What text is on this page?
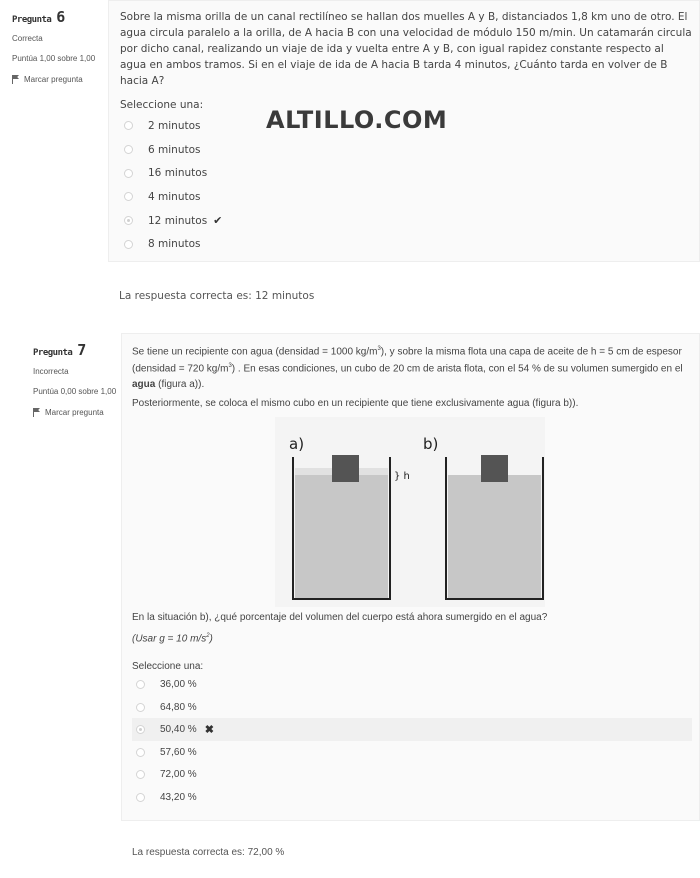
Pregunta 6
Correcta
Puntúa 1,00 sobre 1,00
Marcar pregunta
Sobre la misma orilla de un canal rectilíneo se hallan dos muelles A y B, distanciados 1,8 km uno de otro. El agua circula paralelo a la orilla, de A hacia B con una velocidad de módulo 150 m/min. Un catamarán circula por dicho canal, realizando un viaje de ida y vuelta entre A y B, con igual rapidez constante respecto al agua en ambos tramos. Si en el viaje de ida de A hacia B tarda 4 minutos, ¿Cuánto tarda en volver de B hacia A?
Seleccione una:
2 minutos
6 minutos
16 minutos
4 minutos
12 minutos ✔
8 minutos
ALTILLO.COM
La respuesta correcta es: 12 minutos
Pregunta 7
Incorrecta
Puntúa 0,00 sobre 1,00
Marcar pregunta
Se tiene un recipiente con agua (densidad = 1000 $kg/m^3$), y sobre la misma flota una capa de aceite de h = 5 cm de espesor (densidad = 720 $kg/m^3$) . En esas condiciones, un cubo de 20 cm de arista flota, con el 54 % de su volumen sumergido en el agua (figura a)).
Posteriormente, se coloca el mismo cubo en un recipiente que tiene exclusivamente agua (figura b)).
a)
} h
b)
En la situación b), ¿qué porcentaje del volumen del cuerpo está ahora sumergido en el agua?
(Usar g = 10 $m/s^2$)
Seleccione una:
36,00 %
64,80 %
50,40 % ✖
57,60 %
72,00 %
43,20 %
La respuesta correcta es: 72,00 %
